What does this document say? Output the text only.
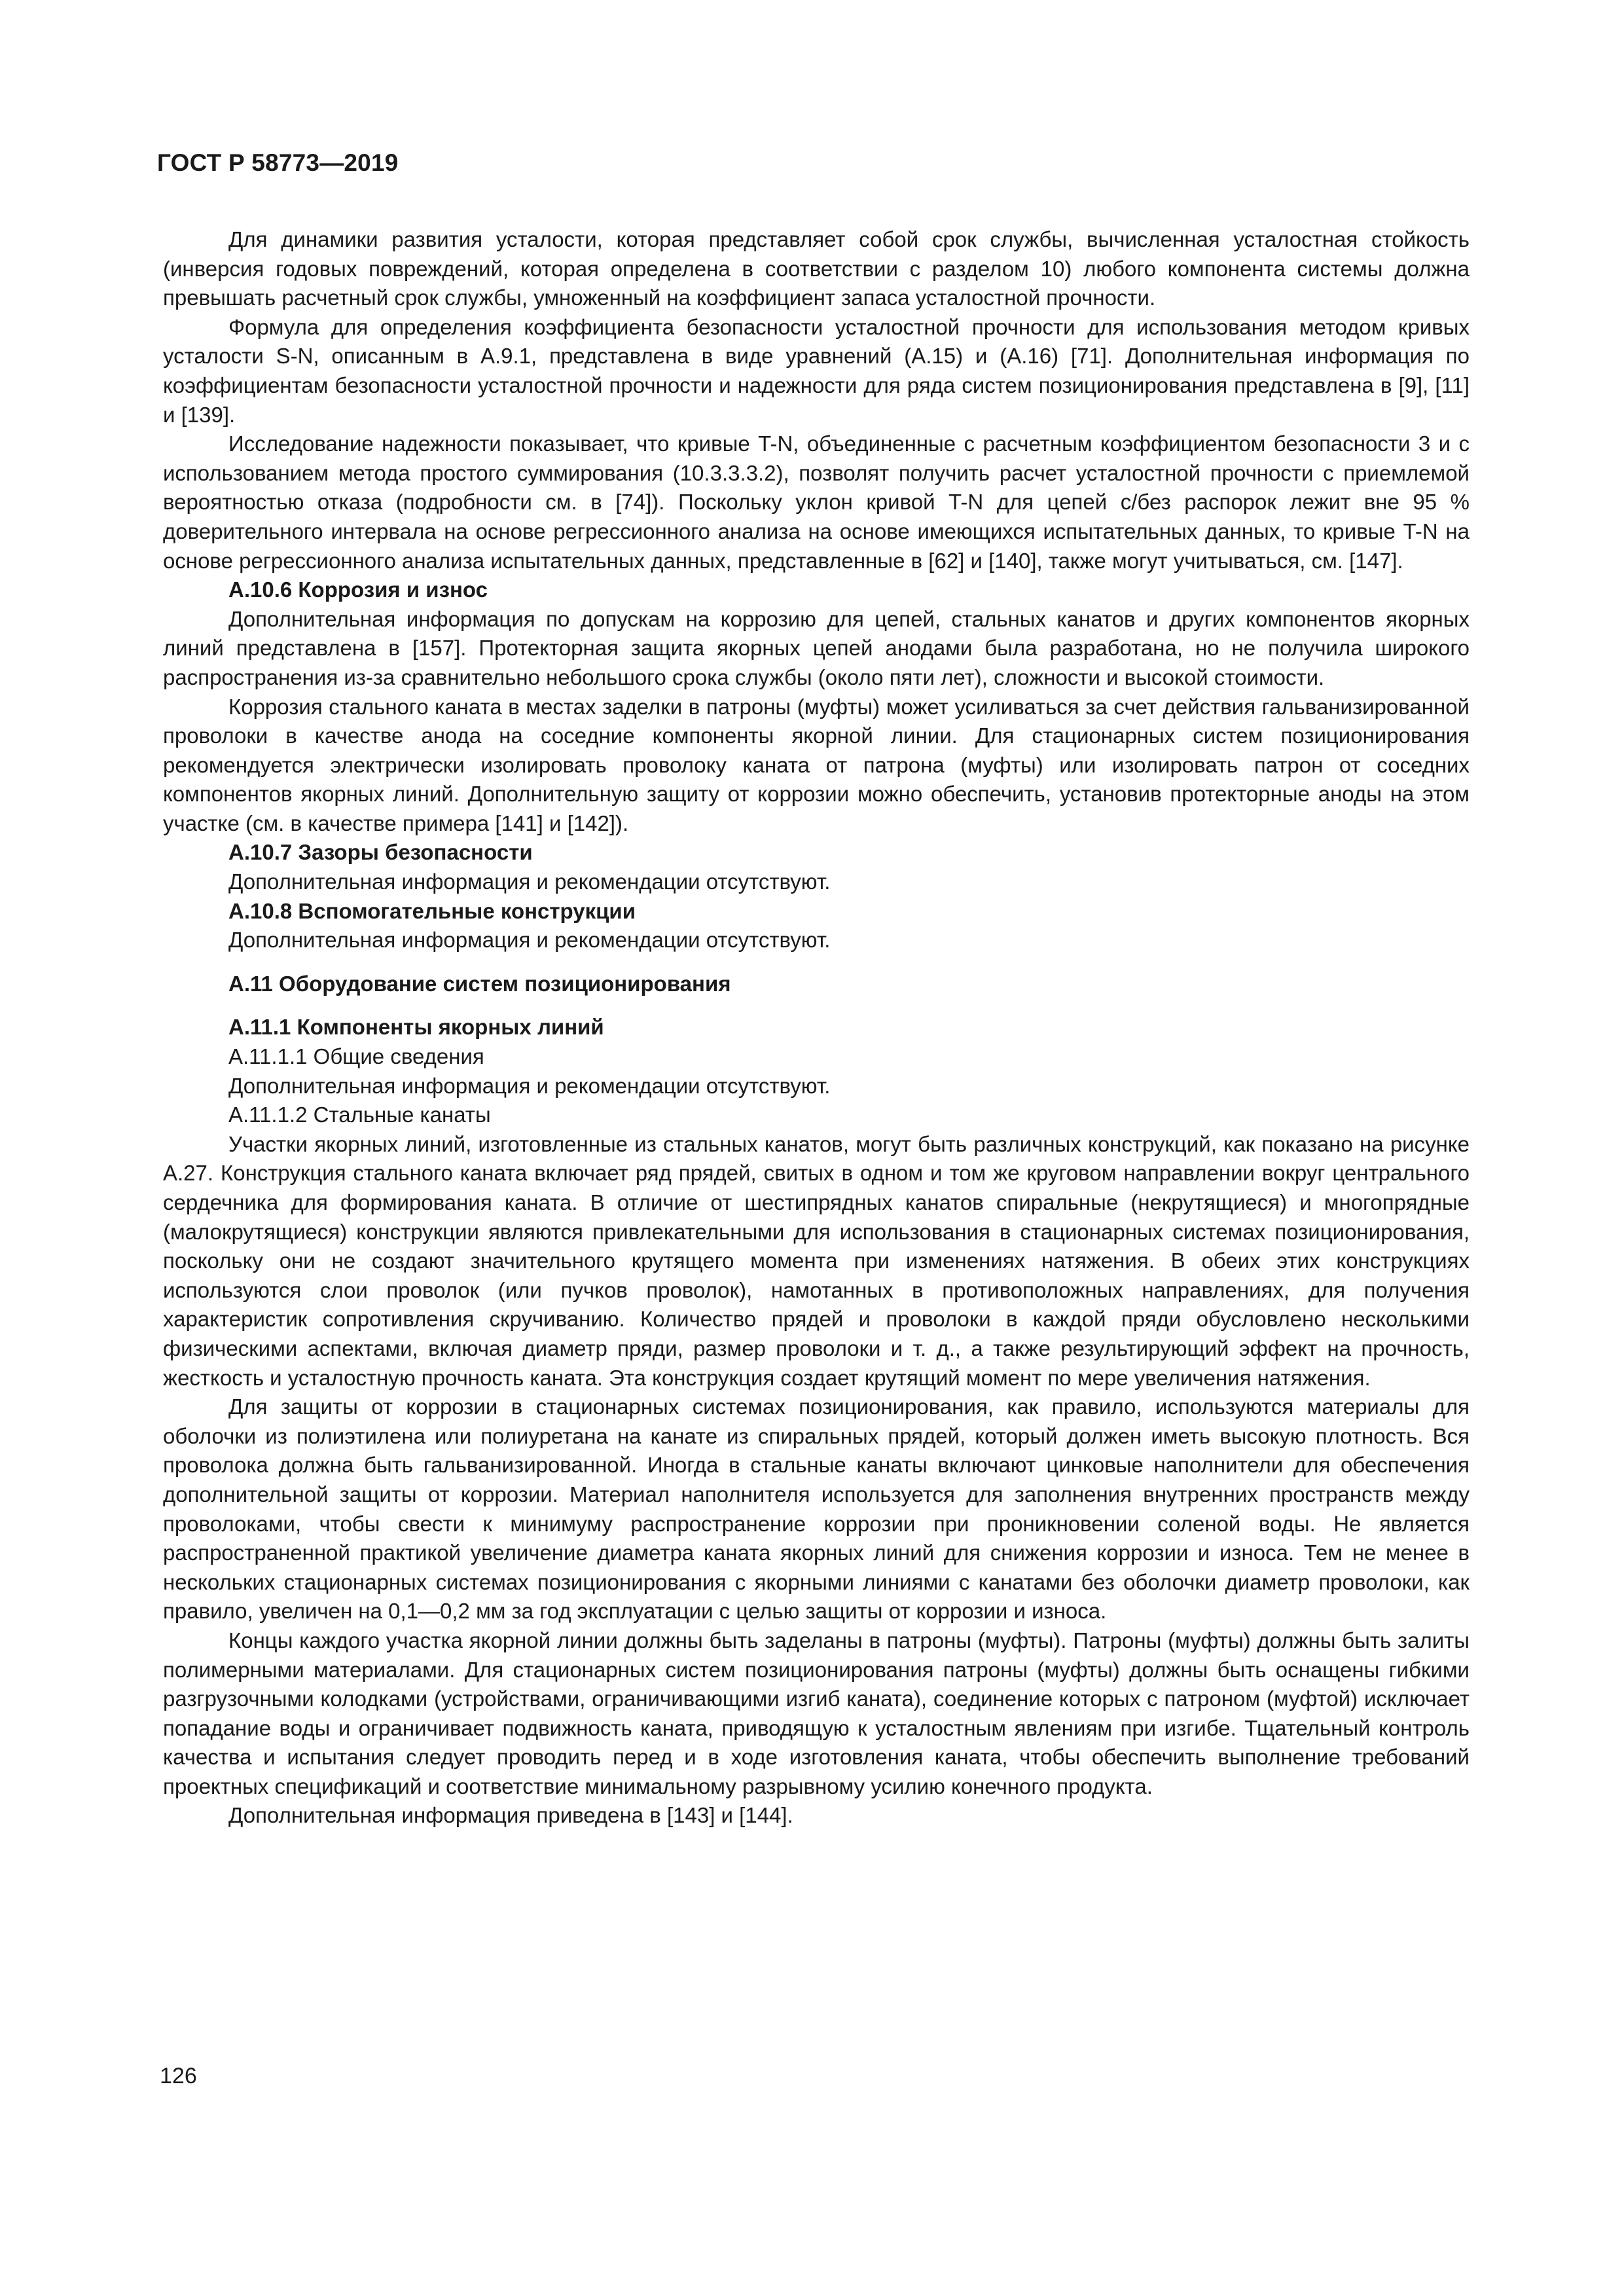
ГОСТ Р 58773—2019

Для динамики развития усталости, которая представляет собой срок службы, вычисленная усталостная стойкость (инверсия годовых повреждений, которая определена в соответствии с разделом 10) любого компонента системы должна превышать расчетный срок службы, умноженный на коэффициент запаса усталостной прочности.

Формула для определения коэффициента безопасности усталостной прочности для использования методом кривых усталости S-N, описанным в A.9.1, представлена в виде уравнений (A.15) и (A.16) [71]. Дополнительная информация по коэффициентам безопасности усталостной прочности и надежности для ряда систем позиционирования представлена в [9], [11] и [139].

Исследование надежности показывает, что кривые T-N, объединенные с расчетным коэффициентом безопасности 3 и с использованием метода простого суммирования (10.3.3.3.2), позволят получить расчет усталостной прочности с приемлемой вероятностью отказа (подробности см. в [74]). Поскольку уклон кривой T-N для цепей с/без распорок лежит вне 95 % доверительного интервала на основе регрессионного анализа на основе имеющихся испытательных данных, то кривые T-N на основе регрессионного анализа испытательных данных, представленные в [62] и [140], также могут учитываться, см. [147].

A.10.6 Коррозия и износ

Дополнительная информация по допускам на коррозию для цепей, стальных канатов и других компонентов якорных линий представлена в [157]. Протекторная защита якорных цепей анодами была разработана, но не получила широкого распространения из-за сравнительно небольшого срока службы (около пяти лет), сложности и высокой стоимости.

Коррозия стального каната в местах заделки в патроны (муфты) может усиливаться за счет действия гальванизированной проволоки в качестве анода на соседние компоненты якорной линии. Для стационарных систем позиционирования рекомендуется электрически изолировать проволоку каната от патрона (муфты) или изолировать патрон от соседних компонентов якорных линий. Дополнительную защиту от коррозии можно обеспечить, установив протекторные аноды на этом участке (см. в качестве примера [141] и [142]).

A.10.7 Зазоры безопасности
Дополнительная информация и рекомендации отсутствуют.
A.10.8 Вспомогательные конструкции
Дополнительная информация и рекомендации отсутствуют.
A.11 Оборудование систем позиционирования
A.11.1 Компоненты якорных линий
A.11.1.1 Общие сведения
Дополнительная информация и рекомендации отсутствуют.
A.11.1.2 Стальные канаты

Участки якорных линий, изготовленные из стальных канатов, могут быть различных конструкций, как показано на рисунке A.27. Конструкция стального каната включает ряд прядей, свитых в одном и том же круговом направлении вокруг центрального сердечника для формирования каната. В отличие от шестипрядных канатов спиральные (некрутящиеся) и многопрядные (малокрутящиеся) конструкции являются привлекательными для использования в стационарных системах позиционирования, поскольку они не создают значительного крутящего момента при изменениях натяжения. В обеих этих конструкциях используются слои проволок (или пучков проволок), намотанных в противоположных направлениях, для получения характеристик сопротивления скручиванию. Количество прядей и проволоки в каждой пряди обусловлено несколькими физическими аспектами, включая диаметр пряди, размер проволоки и т. д., а также результирующий эффект на прочность, жесткость и усталостную прочность каната. Эта конструкция создает крутящий момент по мере увеличения натяжения.

Для защиты от коррозии в стационарных системах позиционирования, как правило, используются материалы для оболочки из полиэтилена или полиуретана на канате из спиральных прядей, который должен иметь высокую плотность. Вся проволока должна быть гальванизированной. Иногда в стальные канаты включают цинковые наполнители для обеспечения дополнительной защиты от коррозии. Материал наполнителя используется для заполнения внутренних пространств между проволоками, чтобы свести к минимуму распространение коррозии при проникновении соленой воды. Не является распространенной практикой увеличение диаметра каната якорных линий для снижения коррозии и износа. Тем не менее в нескольких стационарных системах позиционирования с якорными линиями с канатами без оболочки диаметр проволоки, как правило, увеличен на 0,1—0,2 мм за год эксплуатации с целью защиты от коррозии и износа.

Концы каждого участка якорной линии должны быть заделаны в патроны (муфты). Патроны (муфты) должны быть залиты полимерными материалами. Для стационарных систем позиционирования патроны (муфты) должны быть оснащены гибкими разгрузочными колодками (устройствами, ограничивающими изгиб каната), соединение которых с патроном (муфтой) исключает попадание воды и ограничивает подвижность каната, приводящую к усталостным явлениям при изгибе. Тщательный контроль качества и испытания следует проводить перед и в ходе изготовления каната, чтобы обеспечить выполнение требований проектных спецификаций и соответствие минимальному разрывному усилию конечного продукта.

Дополнительная информация приведена в [143] и [144].

126
